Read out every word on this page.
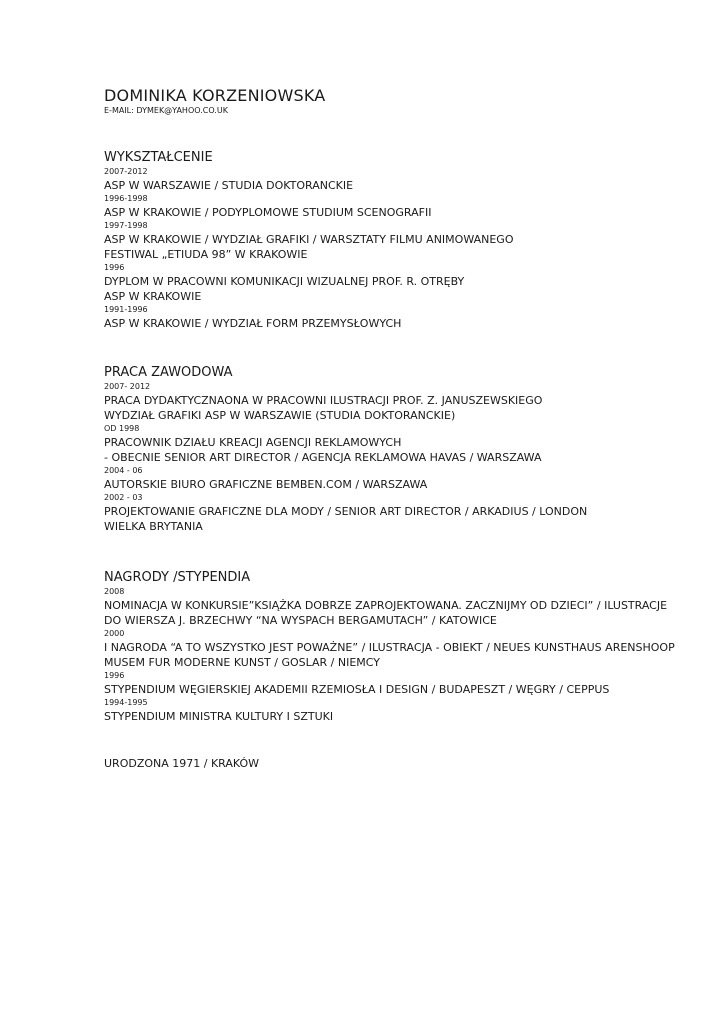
DOMINIKA KORZENIOWSKA

E-MAIL: DYMEK@YAHOO.CO.UK

WYKSZTAŁCENIE

2007-2012

ASP W WARSZAWIE / STUDIA DOKTORANCKIE

1996-1998

ASP W KRAKOWIE / PODYPLOMOWE STUDIUM SCENOGRAFII

1997-1998

ASP W KRAKOWIE / WYDZIAŁ GRAFIKI / WARSZTATY FILMU ANIMOWANEGO

FESTIWAL „ETIUDA 98” W KRAKOWIE

1996

DYPLOM W PRACOWNI KOMUNIKACJI WIZUALNEJ PROF. R. OTRĘBY

ASP W KRAKOWIE

1991-1996

ASP W KRAKOWIE / WYDZIAŁ FORM PRZEMYSŁOWYCH

PRACA ZAWODOWA

2007- 2012

PRACA DYDAKTYCZNAONA W PRACOWNI ILUSTRACJI PROF. Z. JANUSZEWSKIEGO

WYDZIAŁ GRAFIKI ASP W WARSZAWIE (STUDIA DOKTORANCKIE)

OD 1998

PRACOWNIK DZIAŁU KREACJI AGENCJI REKLAMOWYCH

- OBECNIE SENIOR ART DIRECTOR / AGENCJA REKLAMOWA HAVAS / WARSZAWA

2004 - 06

AUTORSKIE BIURO GRAFICZNE BEMBEN.COM / WARSZAWA

2002 - 03

PROJEKTOWANIE GRAFICZNE DLA MODY / SENIOR ART DIRECTOR / ARKADIUS / LONDON

WIELKA BRYTANIA

NAGRODY /STYPENDIA

2008

NOMINACJA W KONKURSIE”KSIĄŻKA DOBRZE ZAPROJEKTOWANA. ZACZNIJMY OD DZIECI” / ILUSTRACJE

DO WIERSZA J. BRZECHWY “NA WYSPACH BERGAMUTACH” / KATOWICE

2000

I NAGRODA “A TO WSZYSTKO JEST POWAŻNE” / ILUSTRACJA - OBIEKT / NEUES KUNSTHAUS ARENSHOOP

MUSEM FUR MODERNE KUNST / GOSLAR / NIEMCY

1996

STYPENDIUM WĘGIERSKIEJ AKADEMII RZEMIOSŁA I DESIGN / BUDAPESZT / WĘGRY / CEPPUS

1994-1995

STYPENDIUM MINISTRA KULTURY I SZTUKI

URODZONA 1971 / KRAKÓW
